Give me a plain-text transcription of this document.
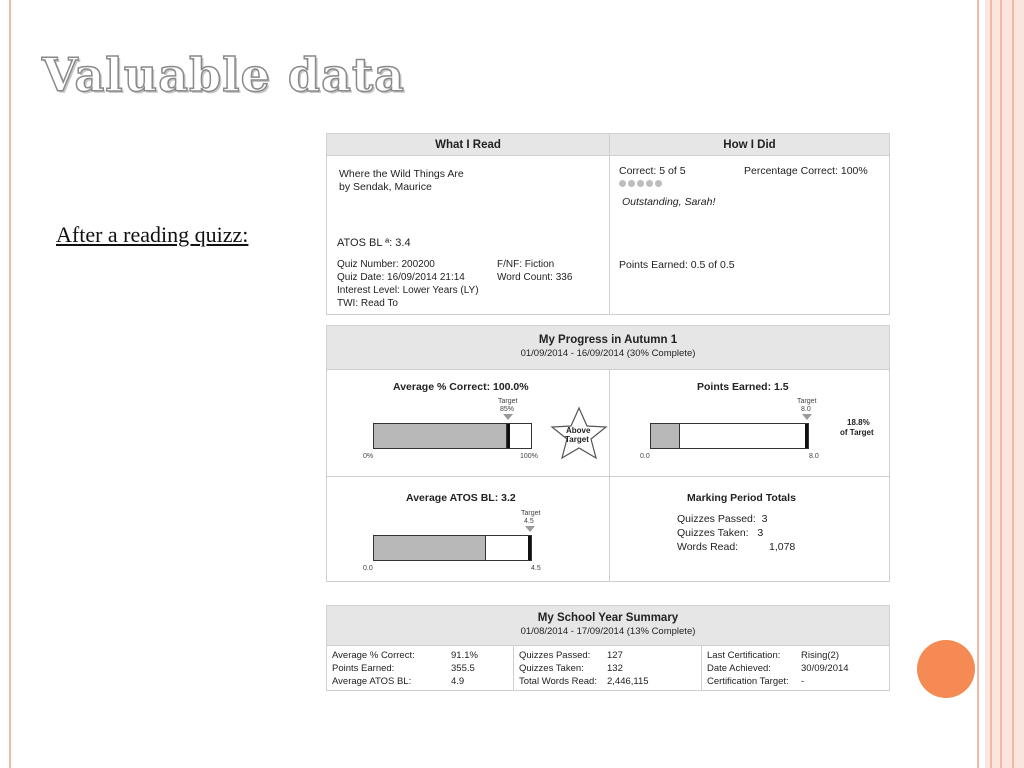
Valuable data
After a reading quizz:
What I Read
Where the Wild Things Are
by Sendak, Maurice
ATOS BL ª: 3.4
Quiz Number: 200200
Quiz Date: 16/09/2014 21:14
Interest Level: Lower Years (LY)
TWI: Read To
F/NF: Fiction
Word Count: 336
How I Did
Correct: 5 of 5	Percentage Correct: 100%
Outstanding, Sarah!
Points Earned: 0.5 of 0.5
My Progress in Autumn 1
01/09/2014 - 16/09/2014 (30% Complete)
Average % Correct: 100.0%
Target
85%
0%	100%
Above
Target
Points Earned: 1.5
Target
8.0
0.0	8.0
18.8%
of Target
Average ATOS BL: 3.2
Target
4.5
0.0	4.5
Marking Period Totals
Quizzes Passed:  3
Quizzes Taken:   3
Words Read:	1,078
My School Year Summary
01/08/2014 - 17/09/2014 (13% Complete)
Average % Correct:	91.1%
Points Earned:	355.5
Average ATOS BL:	4.9
Quizzes Passed: 127
Quizzes Taken: 132
Total Words Read: 2,446,115
Last Certification: Rising(2)
Date Achieved:	30/09/2014
Certification Target: -
